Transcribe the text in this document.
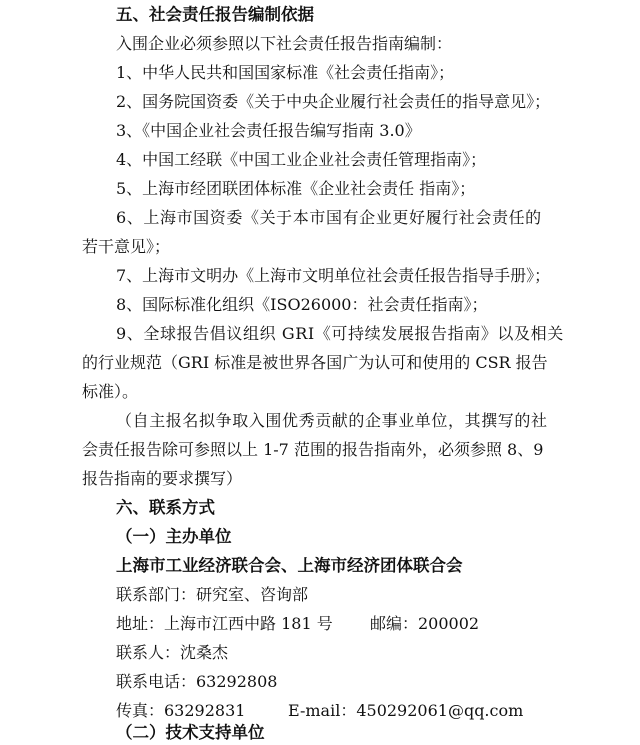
五、社会责任报告编制依据
入围企业必须参照以下社会责任报告指南编制：
1、中华人民共和国国家标准《社会责任指南》；
2、国务院国资委《关于中央企业履行社会责任的指导意见》；
3、《中国企业社会责任报告编写指南 3.0》
4、中国工经联《中国工业企业社会责任管理指南》；
5、上海市经团联团体标准《企业社会责任 指南》；
6、上海市国资委《关于本市国有企业更好履行社会责任的
若干意见》；
7、上海市文明办《上海市文明单位社会责任报告指导手册》；
8、国际标准化组织《ISO26000：社会责任指南》；
9、全球报告倡议组织 GRI《可持续发展报告指南》以及相关
的行业规范（GRI 标准是被世界各国广为认可和使用的 CSR 报告
标准）。
（自主报名拟争取入围优秀贡献的企事业单位，其撰写的社
会责任报告除可参照以上 1-7 范围的报告指南外，必须参照 8、9
报告指南的要求撰写）
六、联系方式
（一）主办单位
上海市工业经济联合会、上海市经济团体联合会
联系部门：研究室、咨询部
地址：上海市江西中路 181 号 邮编：200002
联系人：沈桑杰
联系电话：63292808
传真：63292831	E-mail：450292061@qq.com
（二）技术支持单位
